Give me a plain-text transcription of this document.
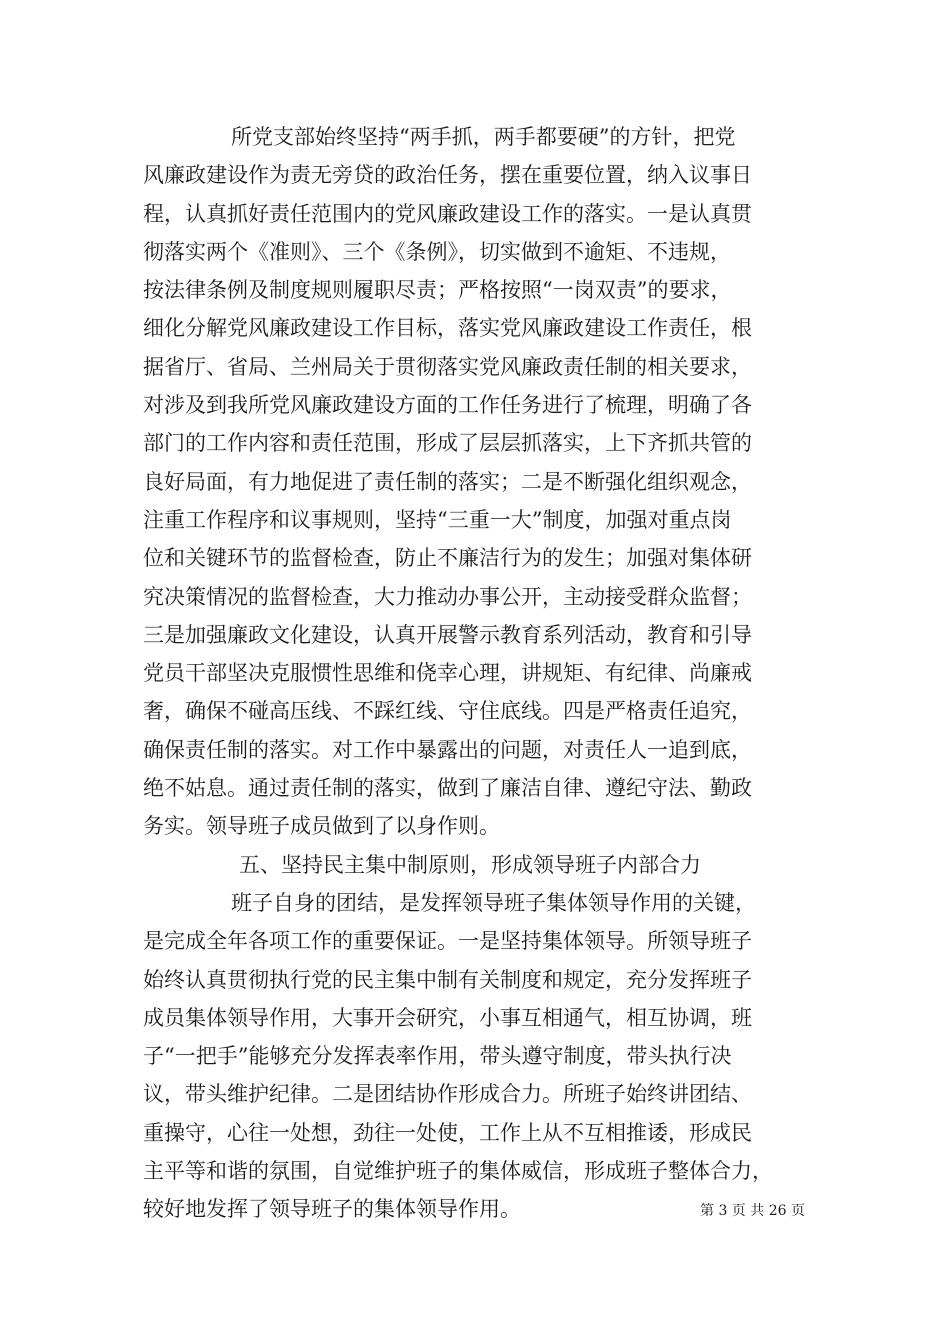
所党支部始终坚持“两手抓，两手都要硬”的方针，把党
风廉政建设作为责无旁贷的政治任务，摆在重要位置，纳入议事日
程，认真抓好责任范围内的党风廉政建设工作的落实。一是认真贯
彻落实两个《准则》、三个《条例》，切实做到不逾矩、不违规，
按法律条例及制度规则履职尽责；严格按照“一岗双责”的要求，
细化分解党风廉政建设工作目标，落实党风廉政建设工作责任，根
据省厅、省局、兰州局关于贯彻落实党风廉政责任制的相关要求，
对涉及到我所党风廉政建设方面的工作任务进行了梳理，明确了各
部门的工作内容和责任范围，形成了层层抓落实，上下齐抓共管的
良好局面，有力地促进了责任制的落实；二是不断强化组织观念，
注重工作程序和议事规则，坚持“三重一大”制度，加强对重点岗
位和关键环节的监督检查，防止不廉洁行为的发生；加强对集体研
究决策情况的监督检查，大力推动办事公开，主动接受群众监督；
三是加强廉政文化建设，认真开展警示教育系列活动，教育和引导
党员干部坚决克服惯性思维和侥幸心理，讲规矩、有纪律、尚廉戒
奢，确保不碰高压线、不踩红线、守住底线。四是严格责任追究，
确保责任制的落实。对工作中暴露出的问题，对责任人一追到底，
绝不姑息。通过责任制的落实，做到了廉洁自律、遵纪守法、勤政
务实。领导班子成员做到了以身作则。
五、坚持民主集中制原则，形成领导班子内部合力
班子自身的团结，是发挥领导班子集体领导作用的关键，
是完成全年各项工作的重要保证。一是坚持集体领导。所领导班子
始终认真贯彻执行党的民主集中制有关制度和规定，充分发挥班子
成员集体领导作用，大事开会研究，小事互相通气，相互协调，班
子“一把手”能够充分发挥表率作用，带头遵守制度，带头执行决
议，带头维护纪律。二是团结协作形成合力。所班子始终讲团结、
重操守，心往一处想，劲往一处使，工作上从不互相推诿，形成民
主平等和谐的氛围，自觉维护班子的集体威信，形成班子整体合力，
较好地发挥了领导班子的集体领导作用。	第 3 页 共 26 页
